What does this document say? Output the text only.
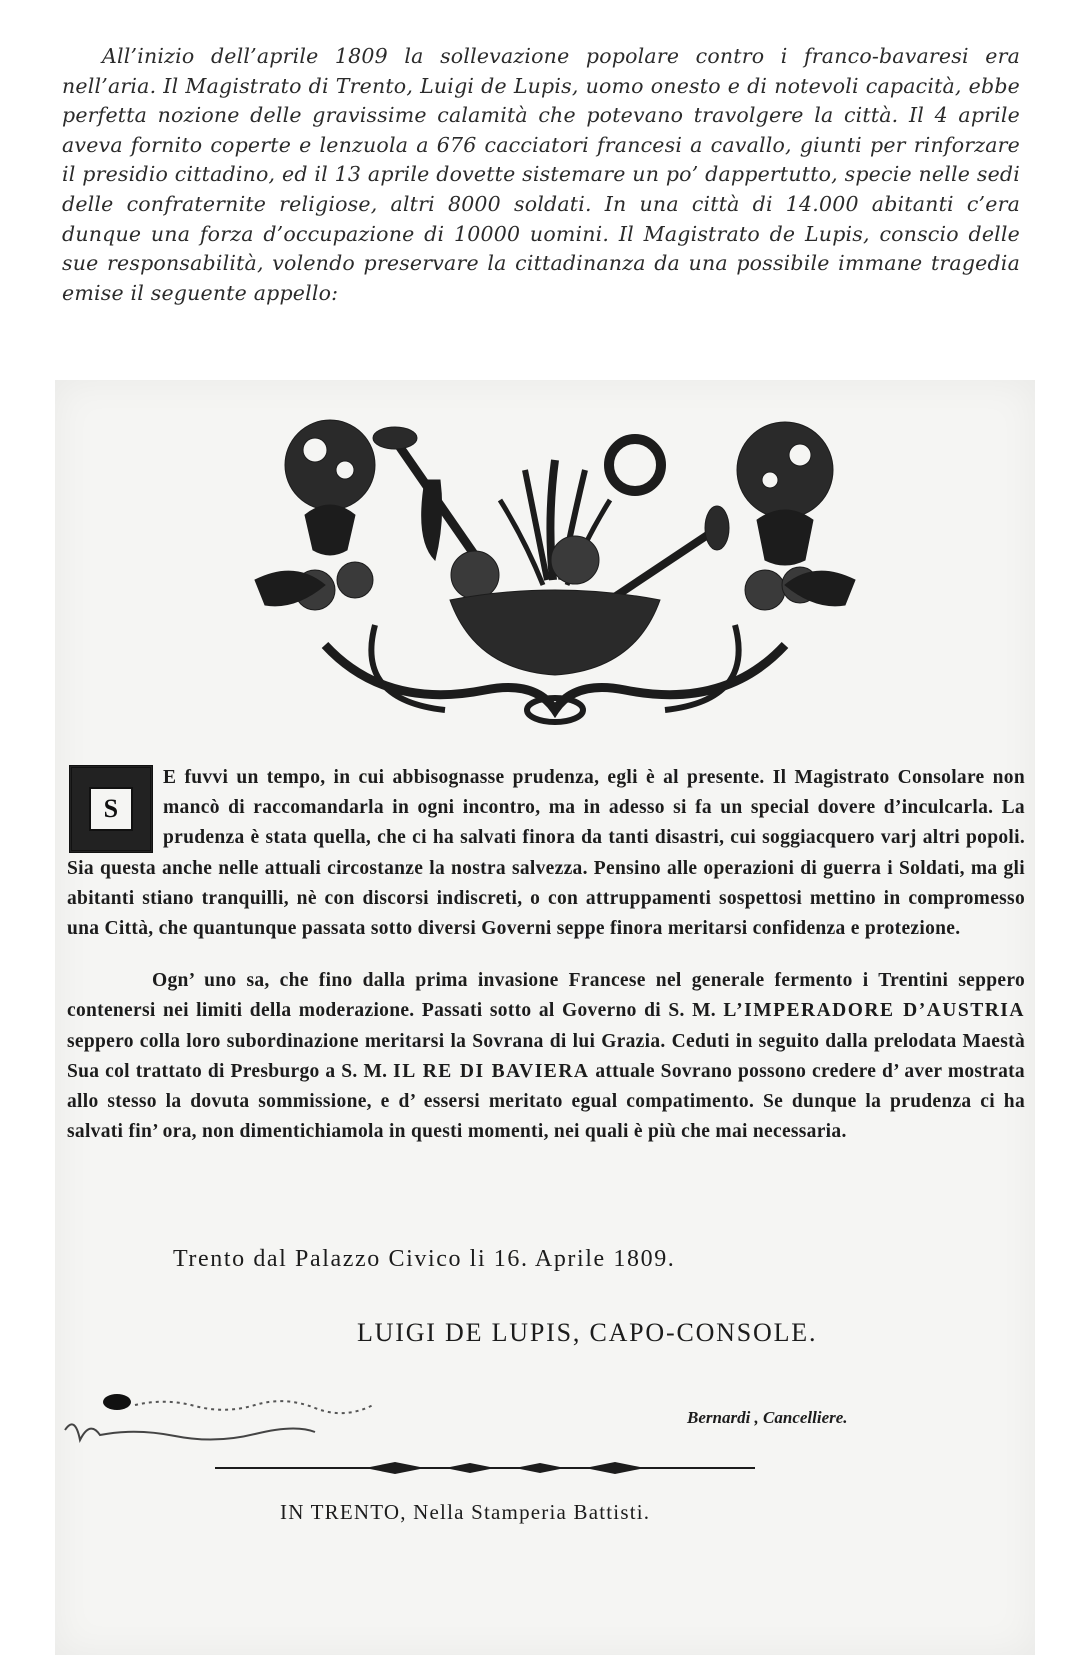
All’inizio dell’aprile 1809 la sollevazione popolare contro i franco-bavaresi era nell’aria. Il Magistrato di Trento, Luigi de Lupis, uomo onesto e di notevoli capacità, ebbe perfetta nozione delle gravissime calamità che potevano travolgere la città. Il 4 aprile aveva fornito coperte e lenzuola a 676 cacciatori francesi a cavallo, giunti per rinforzare il presidio cittadino, ed il 13 aprile dovette sistemare un po’ dappertutto, specie nelle sedi delle confraternite religiose, altri 8000 soldati. In una città di 14.000 abitanti c’era dunque una forza d’occupazione di 10000 uomini. Il Magistrato de Lupis, conscio delle sue responsabilità, volendo preservare la cittadinanza da una possibile immane tragedia emise il seguente appello:

S
E fuvvi un tempo, in cui abbisognasse prudenza, egli è al presente. Il Magistrato Consolare non mancò di raccomandarla in ogni incontro, ma in adesso si fa un special dovere d’inculcarla. La prudenza è stata quella, che ci ha salvati finora da tanti disastri, cui soggiacquero varj altri popoli. Sia questa anche nelle attuali circostanze la nostra salvezza. Pensino alle operazioni di guerra i Soldati, ma gli abitanti stiano tranquilli, nè con discorsi indiscreti, o con attruppamenti sospettosi mettino in compromesso una Città, che quantunque passata sotto diversi Governi seppe finora meritarsi confidenza e protezione.
Ogn’ uno sa, che fino dalla prima invasione Francese nel generale fermento i Trentini seppero contenersi nei limiti della moderazione. Passati sotto al Governo di S. M. L’IMPERADORE D’AUSTRIA seppero colla loro subordinazione meritarsi la Sovrana di lui Grazia. Ceduti in seguito dalla prelodata Maestà Sua col trattato di Presburgo a S. M. IL RE DI BAVIERA attuale Sovrano possono credere d’ aver mostrata allo stesso la dovuta sommissione, e d’ essersi meritato egual compatimento. Se dunque la prudenza ci ha salvati fin’ ora, non dimentichiamola in questi momenti, nei quali è più che mai necessaria.
Trento dal Palazzo Civico li 16. Aprile 1809.
LUIGI DE LUPIS, CAPO-CONSOLE.
Bernardi , Cancelliere.
IN TRENTO, Nella Stamperia Battisti.
